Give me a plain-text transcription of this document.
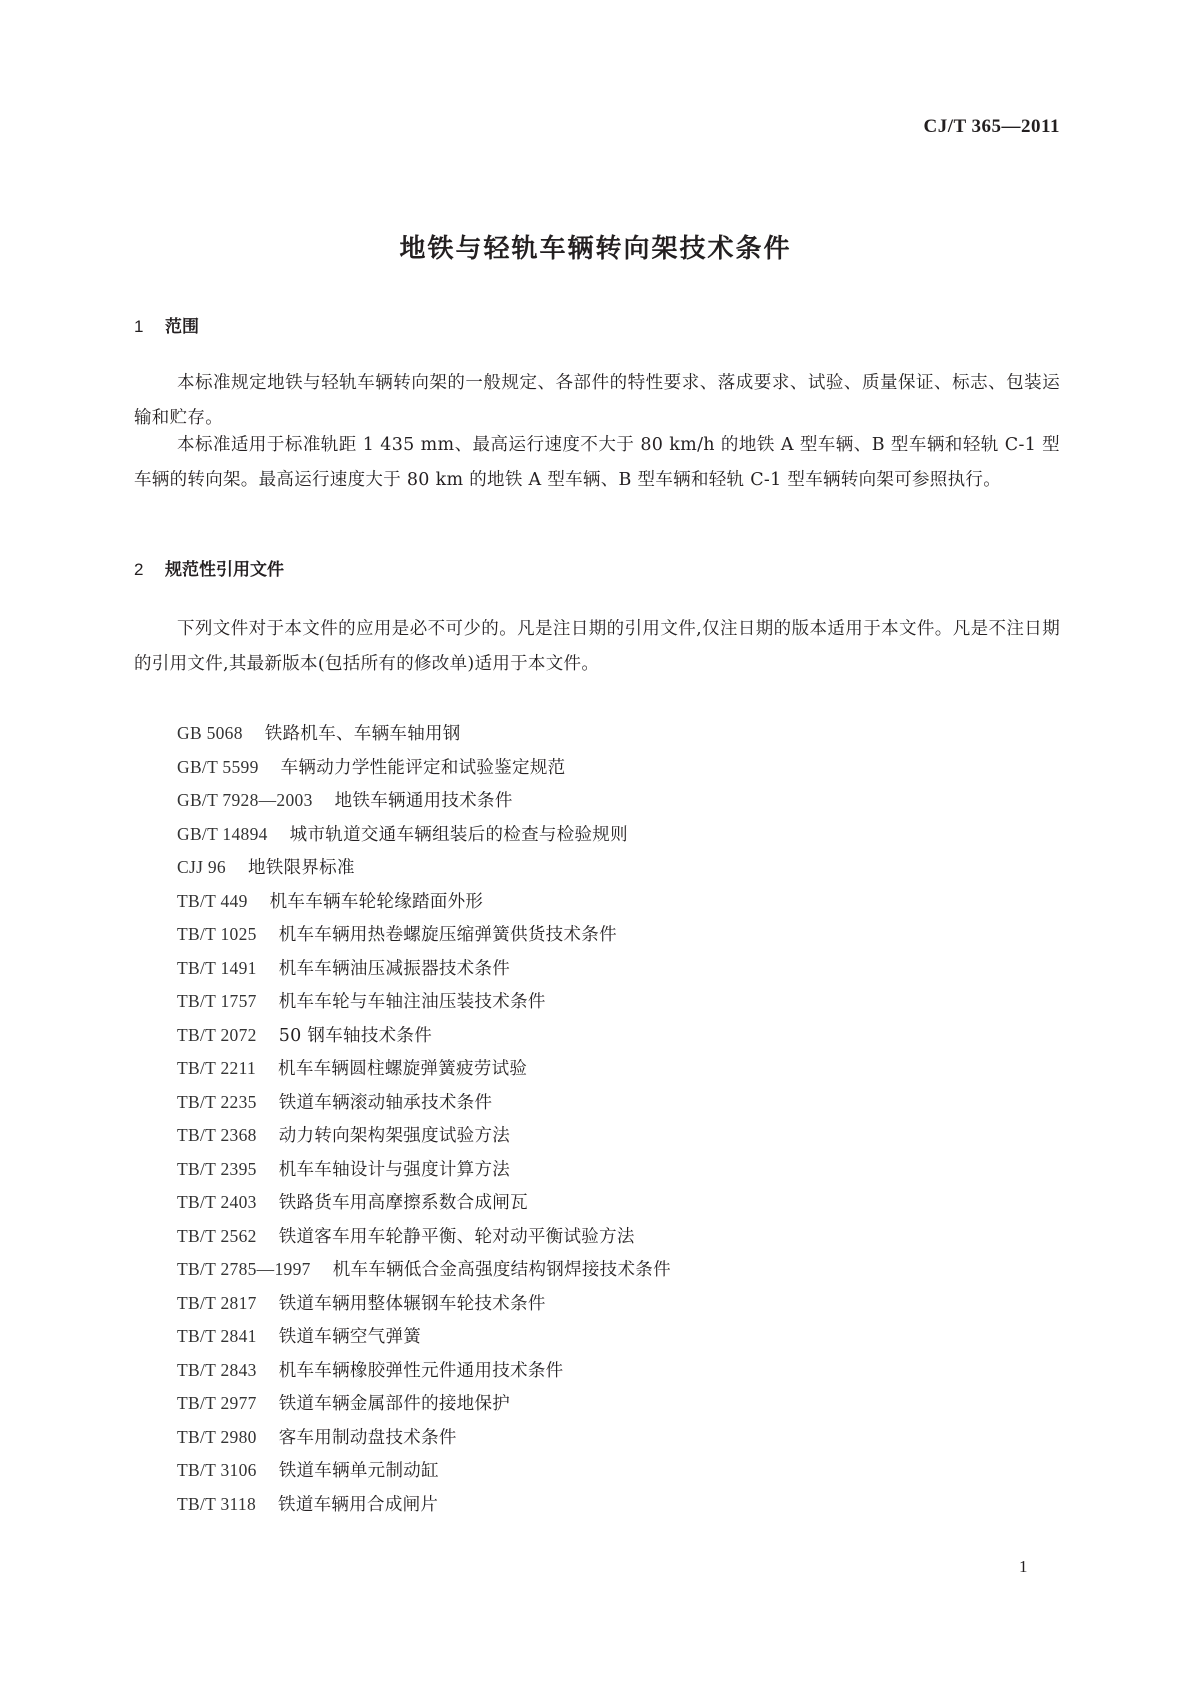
CJ/T 365—2011
地铁与轻轨车辆转向架技术条件
1 范围

本标准规定地铁与轻轨车辆转向架的一般规定、各部件的特性要求、落成要求、试验、质量保证、标志、包装运输和贮存。

本标准适用于标准轨距 1 435 mm、最高运行速度不大于 80 km/h 的地铁 A 型车辆、B 型车辆和轻轨 C-1 型车辆的转向架。最高运行速度大于 80 km 的地铁 A 型车辆、B 型车辆和轻轨 C-1 型车辆转向架可参照执行。

2 规范性引用文件

下列文件对于本文件的应用是必不可少的。凡是注日期的引用文件,仅注日期的版本适用于本文件。凡是不注日期的引用文件,其最新版本(包括所有的修改单)适用于本文件。

GB 5068 铁路机车、车辆车轴用钢
GB/T 5599 车辆动力学性能评定和试验鉴定规范
GB/T 7928—2003 地铁车辆通用技术条件
GB/T 14894 城市轨道交通车辆组装后的检查与检验规则
CJJ 96 地铁限界标准
TB/T 449 机车车辆车轮轮缘踏面外形
TB/T 1025 机车车辆用热卷螺旋压缩弹簧供货技术条件
TB/T 1491 机车车辆油压减振器技术条件
TB/T 1757 机车车轮与车轴注油压装技术条件
TB/T 2072 50 钢车轴技术条件
TB/T 2211 机车车辆圆柱螺旋弹簧疲劳试验
TB/T 2235 铁道车辆滚动轴承技术条件
TB/T 2368 动力转向架构架强度试验方法
TB/T 2395 机车车轴设计与强度计算方法
TB/T 2403 铁路货车用高摩擦系数合成闸瓦
TB/T 2562 铁道客车用车轮静平衡、轮对动平衡试验方法
TB/T 2785—1997 机车车辆低合金高强度结构钢焊接技术条件
TB/T 2817 铁道车辆用整体辗钢车轮技术条件
TB/T 2841 铁道车辆空气弹簧
TB/T 2843 机车车辆橡胶弹性元件通用技术条件
TB/T 2977 铁道车辆金属部件的接地保护
TB/T 2980 客车用制动盘技术条件
TB/T 3106 铁道车辆单元制动缸
TB/T 3118 铁道车辆用合成闸片
1
